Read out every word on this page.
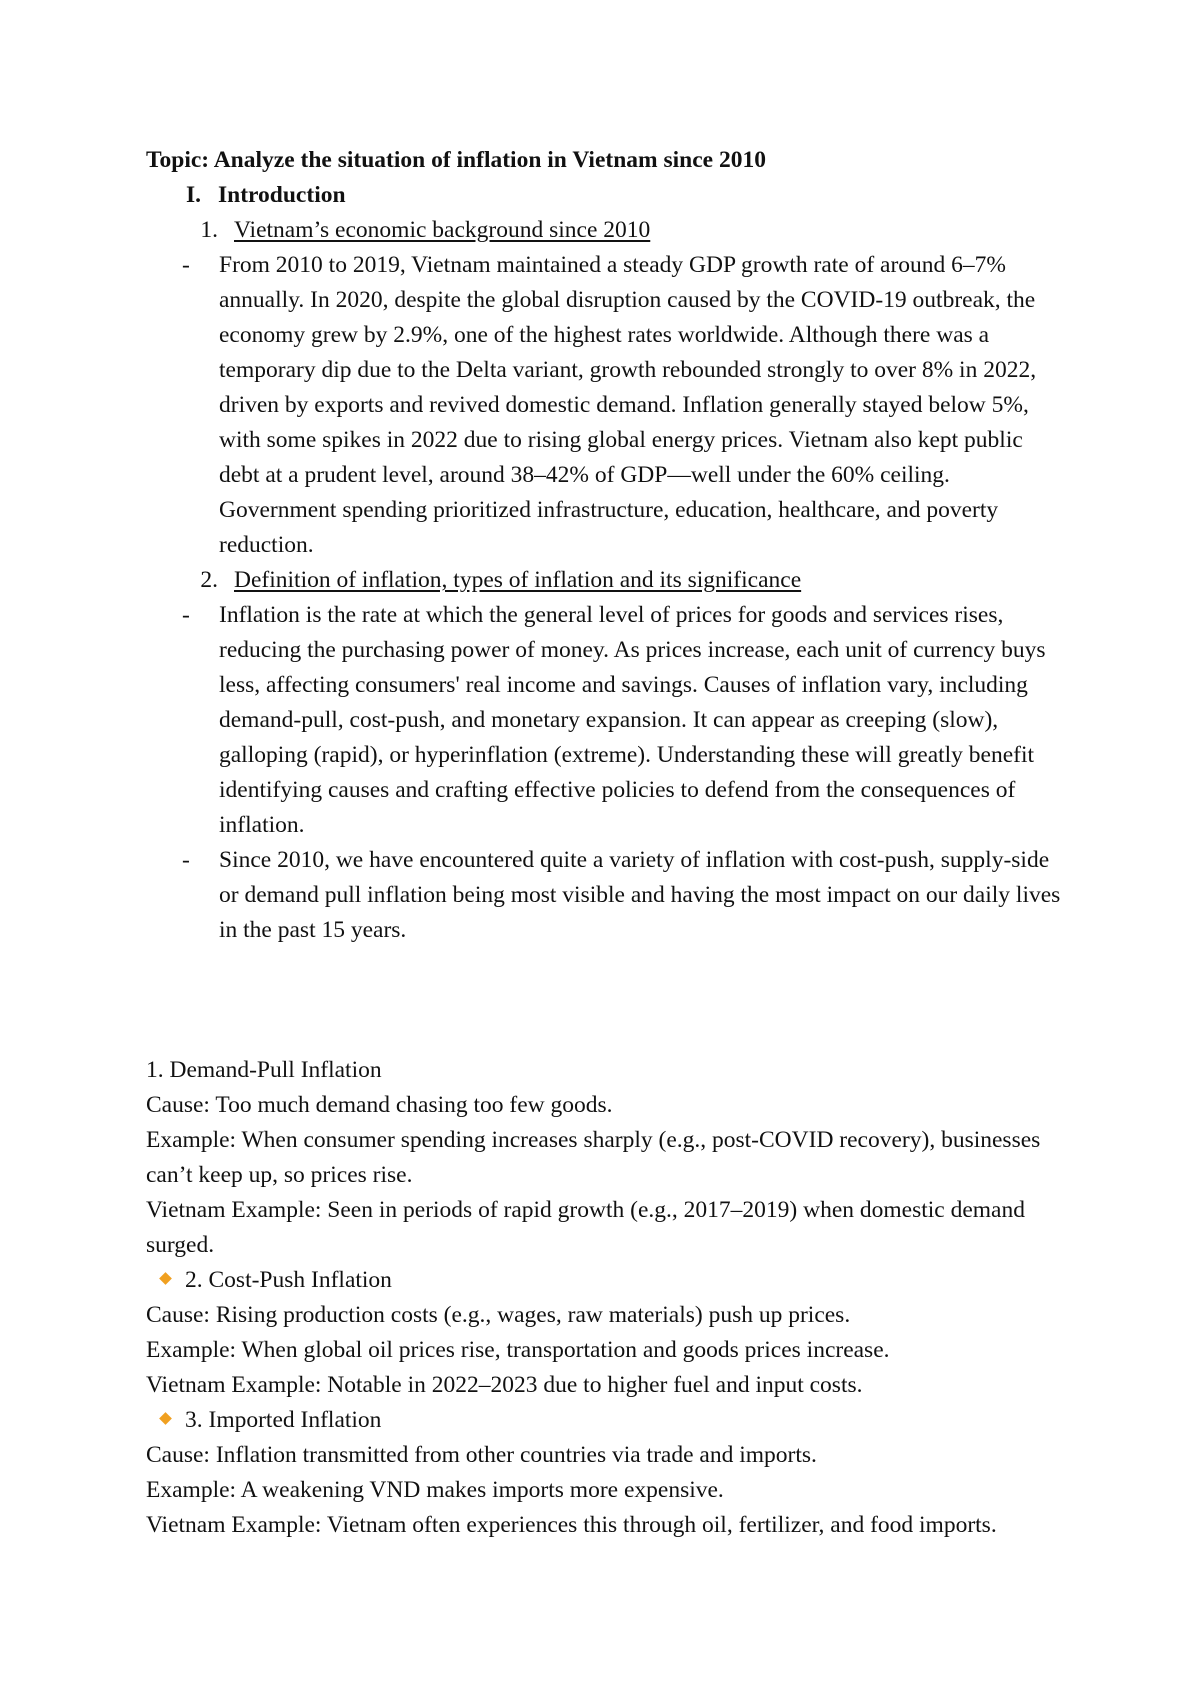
Topic: Analyze the situation of inflation in Vietnam since 2010
I. Introduction
1. Vietnam’s economic background since 2010
- From 2010 to 2019, Vietnam maintained a steady GDP growth rate of around 6–7% annually. In 2020, despite the global disruption caused by the COVID-19 outbreak, the economy grew by 2.9%, one of the highest rates worldwide. Although there was a temporary dip due to the Delta variant, growth rebounded strongly to over 8% in 2022, driven by exports and revived domestic demand. Inflation generally stayed below 5%, with some spikes in 2022 due to rising global energy prices. Vietnam also kept public debt at a prudent level, around 38–42% of GDP—well under the 60% ceiling. Government spending prioritized infrastructure, education, healthcare, and poverty reduction.
2. Definition of inflation, types of inflation and its significance
- Inflation is the rate at which the general level of prices for goods and services rises, reducing the purchasing power of money. As prices increase, each unit of currency buys less, affecting consumers' real income and savings. Causes of inflation vary, including demand-pull, cost-push, and monetary expansion. It can appear as creeping (slow), galloping (rapid), or hyperinflation (extreme). Understanding these will greatly benefit identifying causes and crafting effective policies to defend from the consequences of inflation.
- Since 2010, we have encountered quite a variety of inflation with cost-push, supply-side or demand pull inflation being most visible and having the most impact on our daily lives in the past 15 years.
1. Demand-Pull Inflation
Cause: Too much demand chasing too few goods.
Example: When consumer spending increases sharply (e.g., post-COVID recovery), businesses can’t keep up, so prices rise.
Vietnam Example: Seen in periods of rapid growth (e.g., 2017–2019) when domestic demand surged.
2. Cost-Push Inflation
Cause: Rising production costs (e.g., wages, raw materials) push up prices.
Example: When global oil prices rise, transportation and goods prices increase.
Vietnam Example: Notable in 2022–2023 due to higher fuel and input costs.
3. Imported Inflation
Cause: Inflation transmitted from other countries via trade and imports.
Example: A weakening VND makes imports more expensive.
Vietnam Example: Vietnam often experiences this through oil, fertilizer, and food imports.
